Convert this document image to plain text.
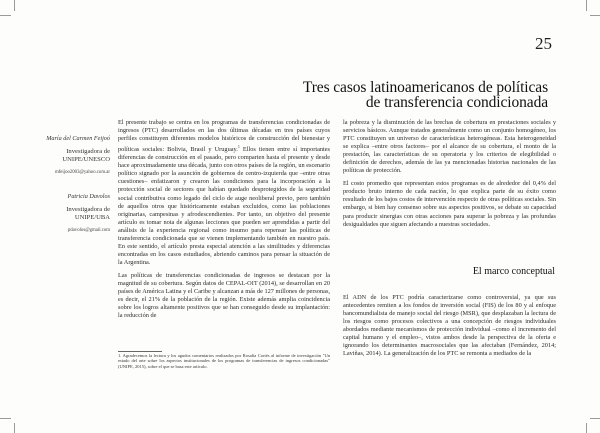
25
Tres casos latinoamericanos de políticas
de transferencia condicionada
María del Carmen Feijoó
Investigadora de
UNIPE/UNESCO
mfeijoo2003@yahoo.com.ar
Patricia Davolos
Investigadora de
UNIPE/UBA
pdavolos@gmail.com

El presente trabajo se centra en los programas de transferencias condicionadas de ingresos (PTC) desarrollados en las dos últimas décadas en tres países cuyos perfiles constituyen diferentes modelos históricos de construcción del bienestar y políticas sociales: Bolivia, Brasil y Uruguay.$^1$ Ellos tienen entre sí importantes diferencias de construcción en el pasado, pero comparten hasta el presente y desde hace aproximadamente una década, junto con otros países de la región, un escenario político signado por la asunción de gobiernos de centro-izquierda que –entre otras cuestiones– enfatizaron y crearon las condiciones para la incorporación a la protección social de sectores que habían quedado desprotegidos de la seguridad social contributiva como legado del ciclo de auge neoliberal previo, pero también de aquellos otros que históricamente estaban excluidos, como las poblaciones originarias, campesinas y afrodescendientes. Por tanto, un objetivo del presente artículo es tomar nota de algunas lecciones que pueden ser aprendidas a partir del análisis de la experiencia regional como insumo para repensar las políticas de transferencia condicionada que se vienen implementando también en nuestro país. En este sentido, el artículo presta especial atención a las similitudes y diferencias encontradas en los casos estudiados, abriendo caminos para pensar la situación de la Argentina.

Las políticas de transferencias condicionadas de ingresos se destacan por la magnitud de su cobertura. Según datos de CEPAL-OIT (2014), se desarrollan en 20 países de América Latina y el Caribe y alcanzan a más de 127 millones de personas, es decir, el 21% de la población de la región. Existe además amplia coincidencia sobre los logros altamente positivos que se han conseguido desde su implantación: la reducción de

la pobreza y la disminución de las brechas de cobertura en prestaciones sociales y servicios básicos. Aunque tratados generalmente como un conjunto homogéneo, los PTC constituyen un universo de características heterogéneas. Esta heterogeneidad se explica –entre otros factores– por el alcance de su cobertura, el monto de la prestación, las características de su operatoria y los criterios de elegibilidad o definición de derechos, además de las ya mencionadas historias nacionales de las políticas de protección.

El costo promedio que representan estos programas es de alrededor del 0,4% del producto bruto interno de cada nación, lo que explica parte de su éxito como resultado de los bajos costos de intervención respecto de otras políticas sociales. Sin embargo, si bien hay consenso sobre sus aspectos positivos, se debate su capacidad para producir sinergias con otras acciones para superar la pobreza y las profundas desigualdades que siguen afectando a nuestras sociedades.

El marco conceptual

El ADN de los PTC podría caracterizarse como controversial, ya que sus antecedentes remiten a los fondos de inversión social (FIS) de los 80 y al enfoque bancomundialista de manejo social del riesgo (MSR), que desplazaban la lectura de los riesgos como procesos colectivos a una concepción de riesgos individuales abordados mediante mecanismos de protección individual –como el incremento del capital humano y el empleo–, vistos ambos desde la perspectiva de la oferta e ignorando los determinantes macrosociales que las afectaban (Fernández, 2014; Laviñas, 2014). La generalización de los PTC se remonta a mediados de la

1. Agradecemos la lectura y los agudos comentarios realizados por Rosalía Cortés al informe de investigación "Un estado del arte sobre los aspectos institucionales de los programas de transferencias de ingresos condicionadas" (UNIPE, 2015), sobre el que se basa este artículo.
